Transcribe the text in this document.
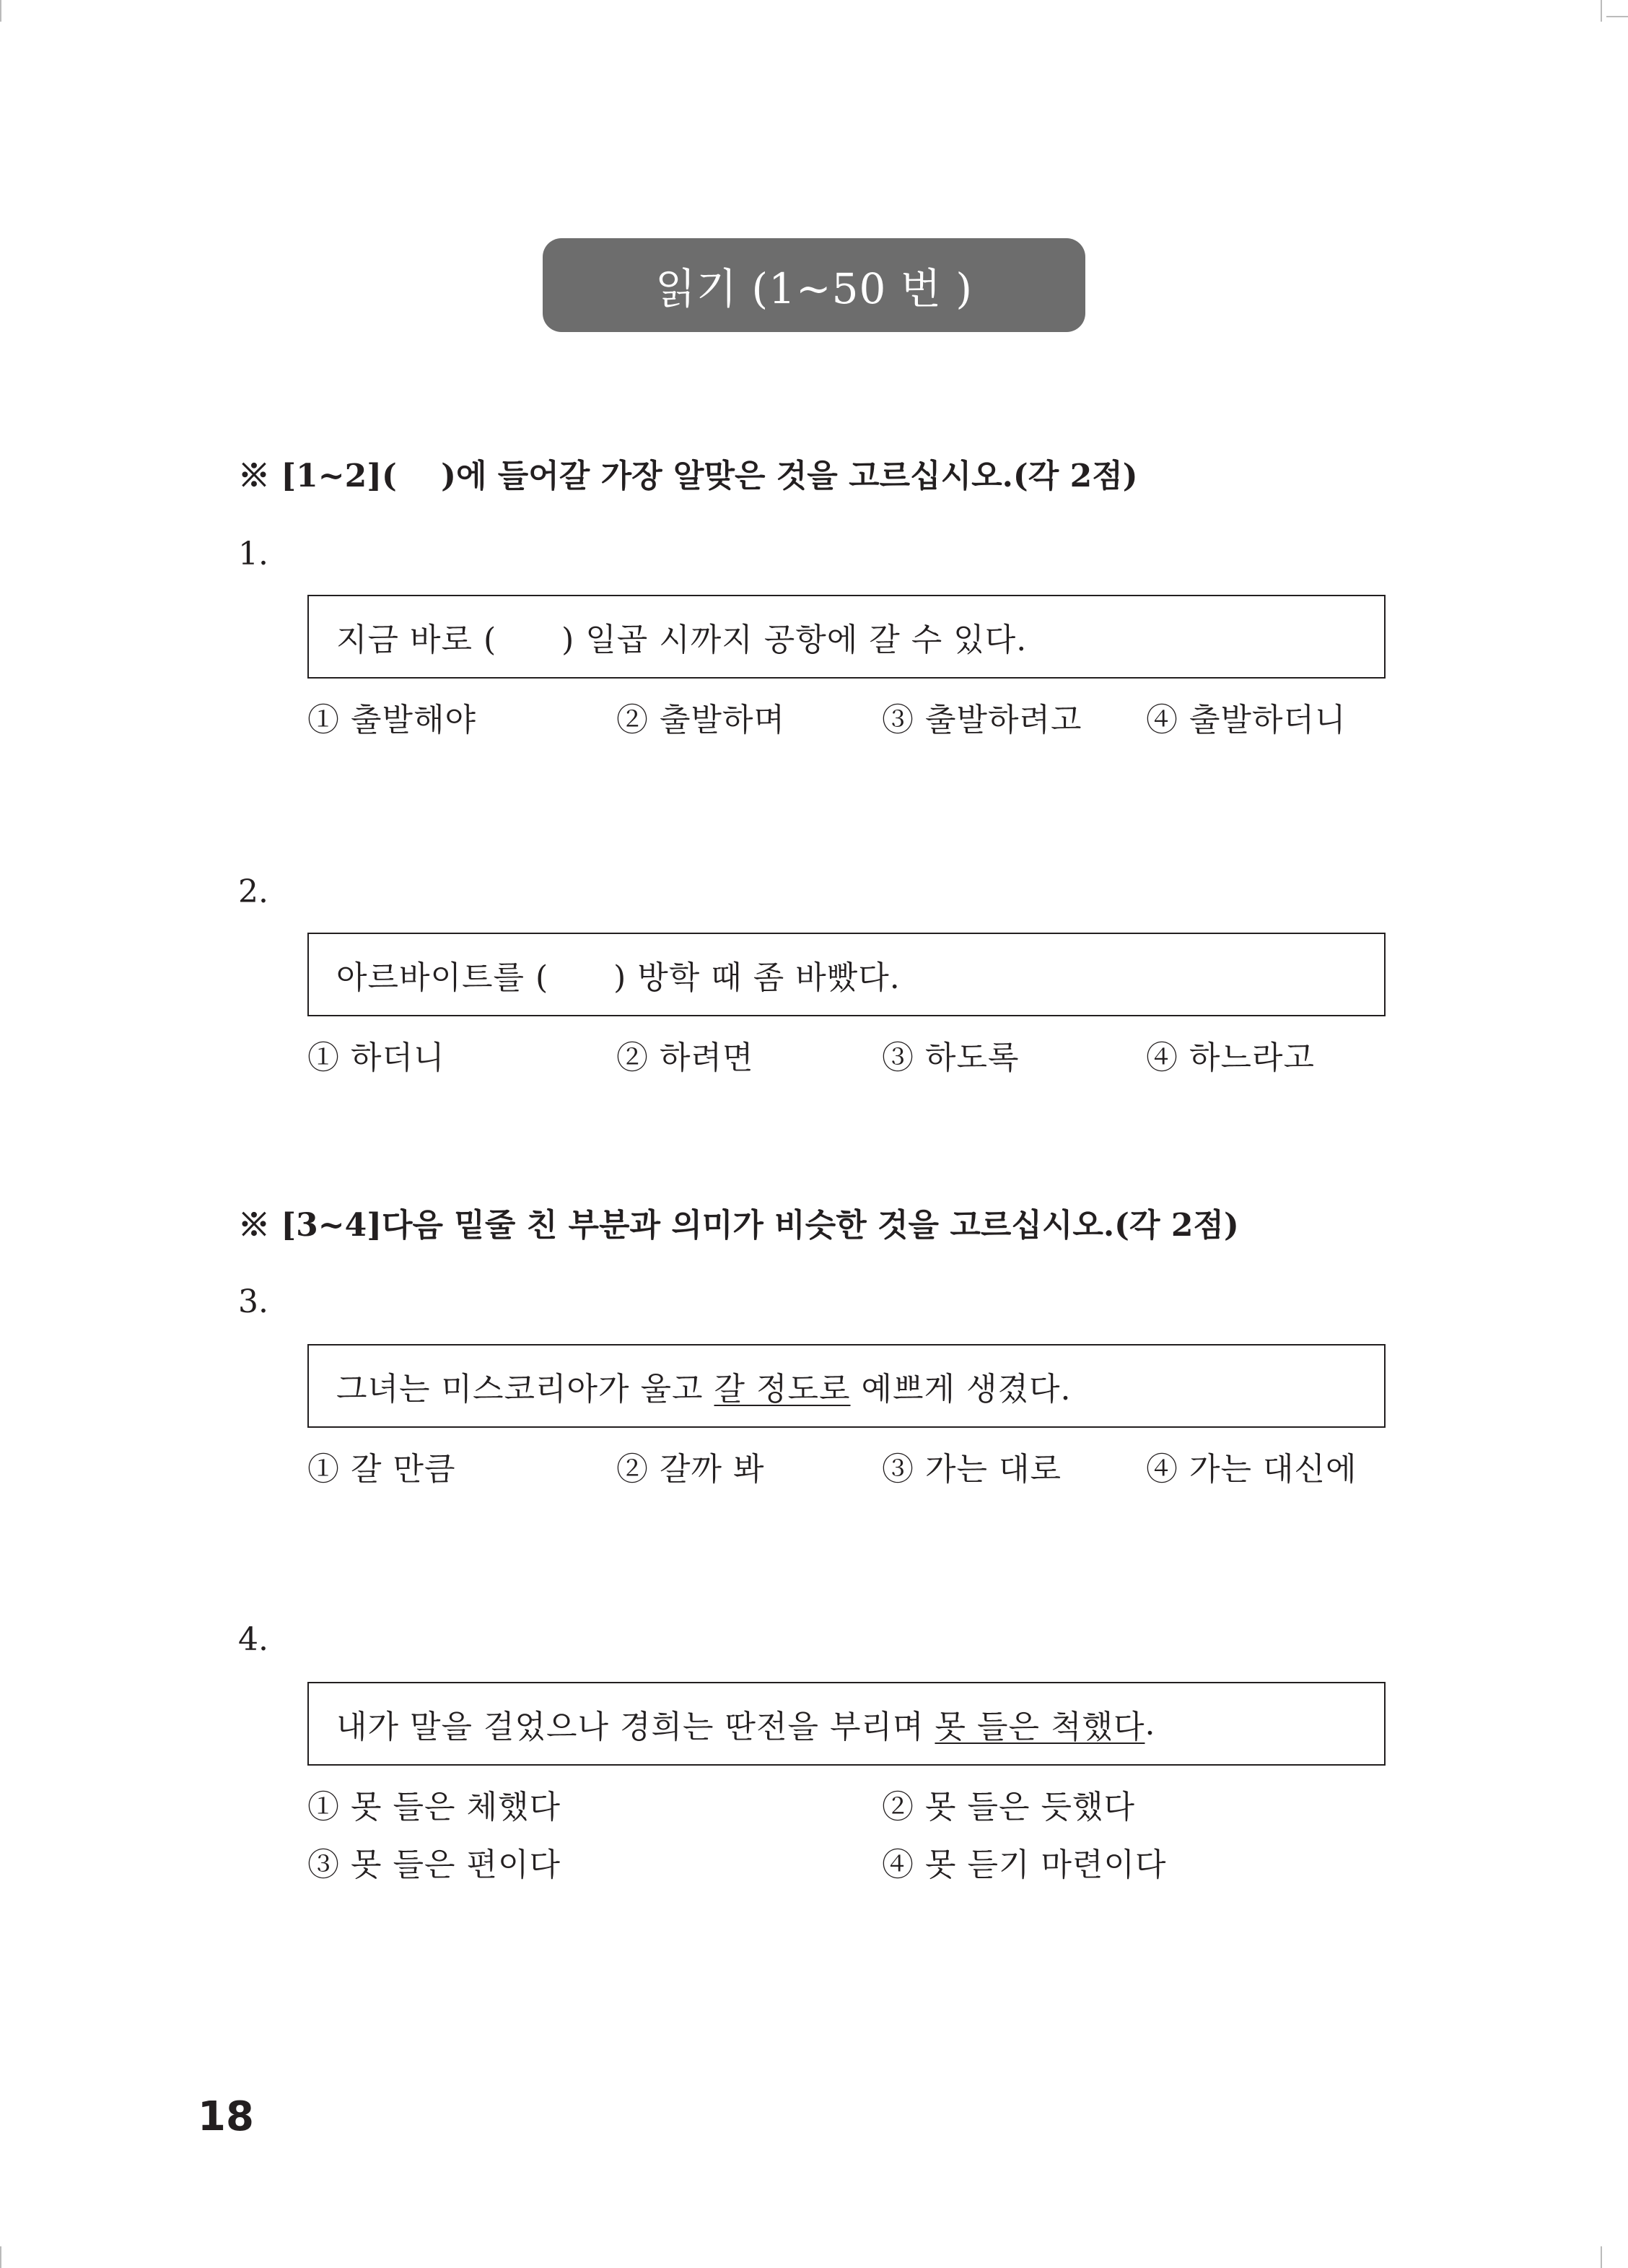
읽기 (1~50 번 )
※ [1~2](    )에 들어갈 가장 알맞은 것을 고르십시오.(각 2점)
1.
지금 바로 (      ) 일곱 시까지 공항에 갈 수 있다.
① 출발해야	② 출발하며	③ 출발하려고 ④ 출발하더니
2.
아르바이트를 (      ) 방학 때 좀 바빴다.
① 하더니	② 하려면	③ 하도록	④ 하느라고
※ [3~4]다음 밑줄 친 부분과 의미가 비슷한 것을 고르십시오.(각 2점)
3.
그녀는 미스코리아가 울고 갈 정도로 예쁘게 생겼다.
① 갈 만큼	② 갈까 봐	③ 가는 대로	④ 가는 대신에
4.
내가 말을 걸었으나 경희는 딴전을 부리며 못 들은 척했다 .
① 못 들은 체했다	② 못 들은 듯했다
③ 못 들은 편이다	④ 못 듣기 마련이다
18
